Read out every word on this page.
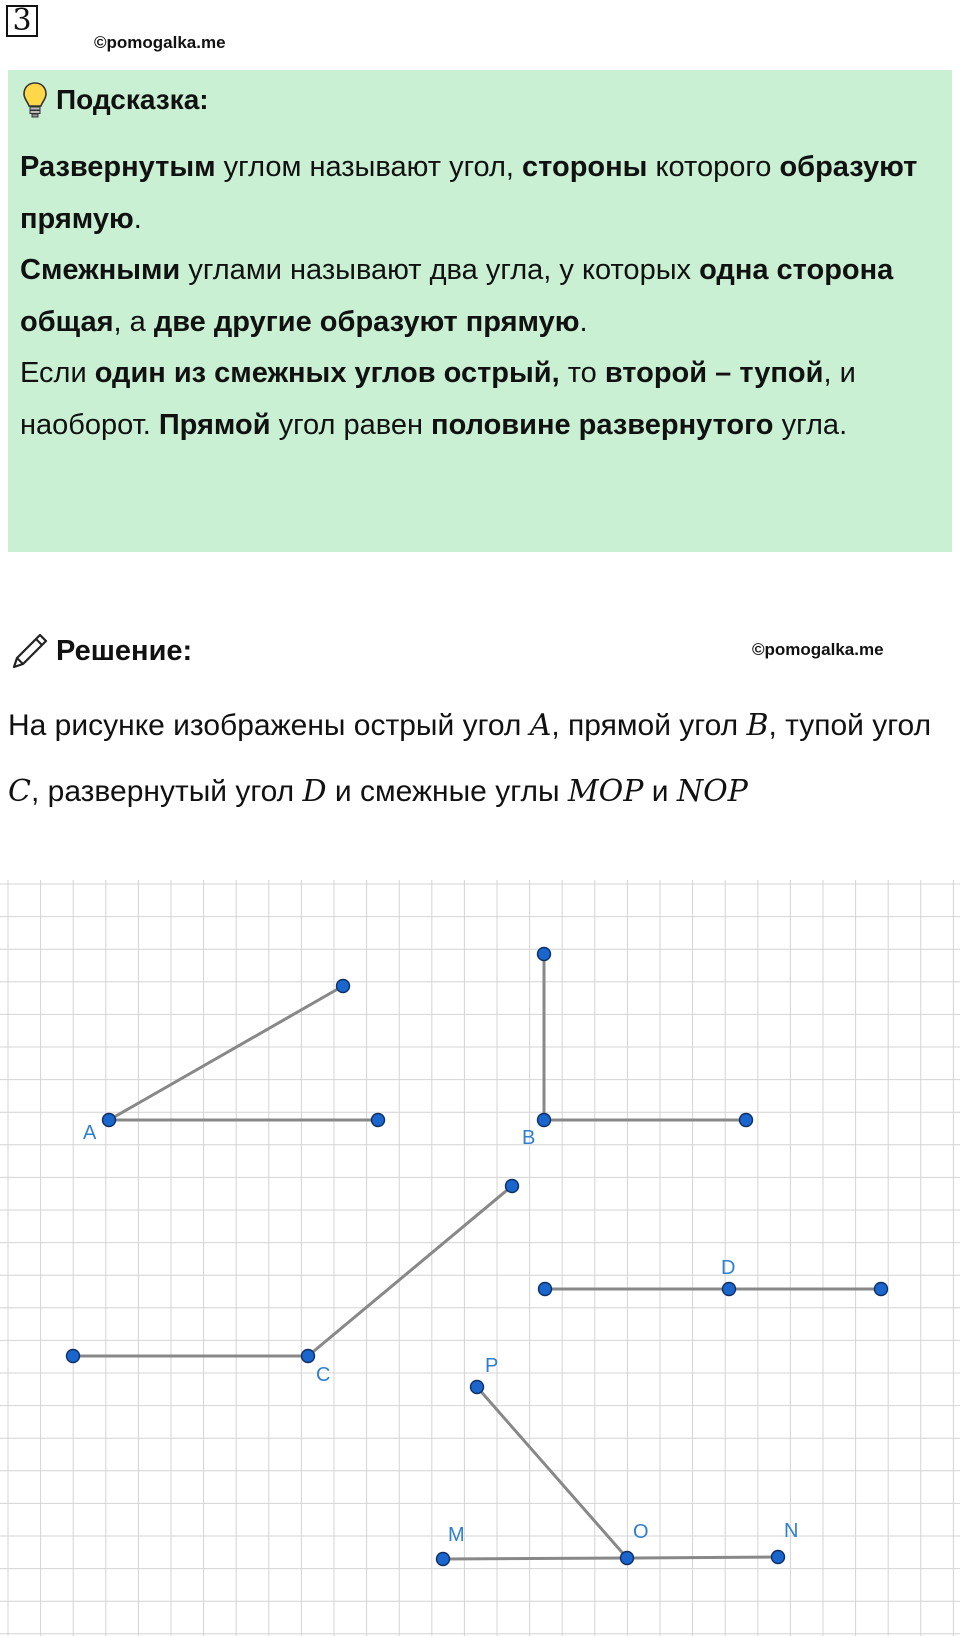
3
©pomogalka.me
Подсказка:
Развернутым углом называют угол, стороны которого образуют прямую.
Смежными углами называют два угла, у которых одна сторона общая, а две другие образуют прямую.
Если один из смежных углов острый, то второй – тупой, и наоборот. Прямой угол равен половине развернутого угла.
Решение:	©pomogalka.me
На рисунке изображены острый угол A, прямой угол B, тупой угол C, развернутый угол D и смежные углы MOP и NOP
A	B
C
D
M	O	N
P
